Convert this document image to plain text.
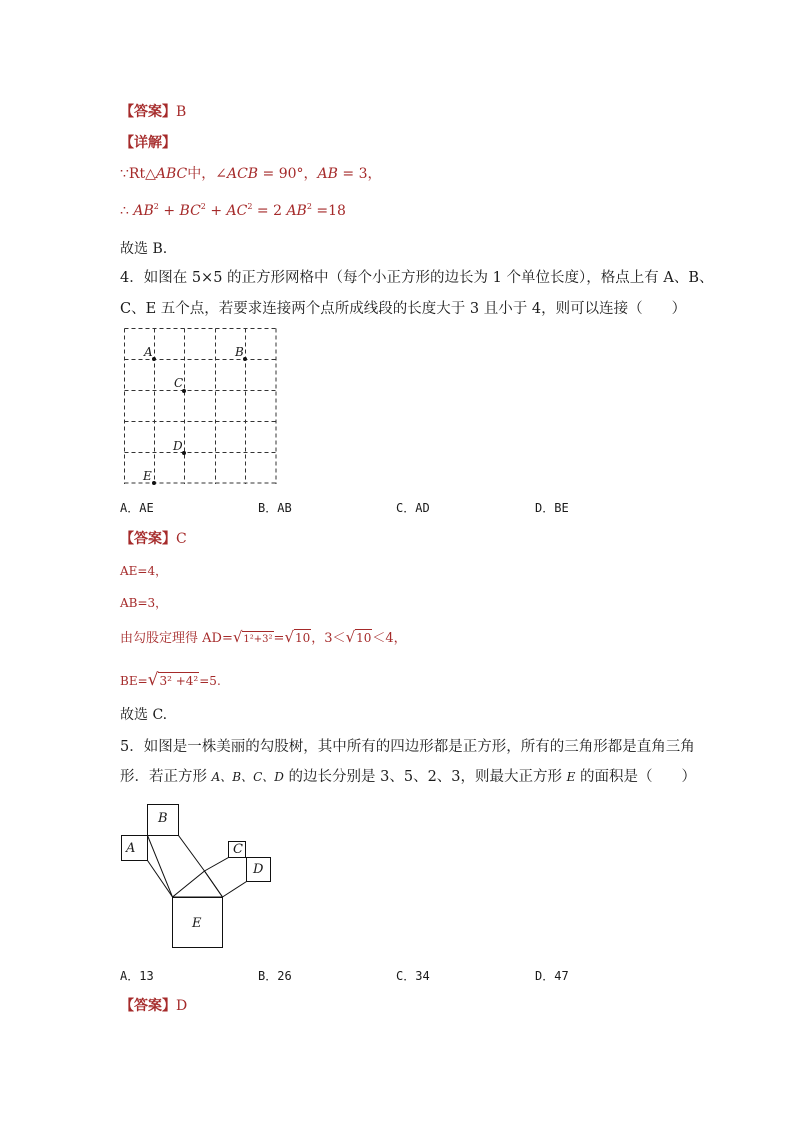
【答案】B
【详解】
∵Rt△ABC中，∠ACB = 90°，AB = 3，
∴ $AB^2 + BC^2 + AC^2 = 2$ $AB^2 =18$
故选 B.
4．如图在 5×5 的正方形网格中（每个小正方形的边长为 1 个单位长度），格点上有 A、B、
C、E 五个点，若要求连接两个点所成线段的长度大于 3 且小于 4，则可以连接（　　）
A	B
C
D
E
A．AE	B．AB	C．AD	D．BE
【答案】C
AE=4，
AB=3，
由勾股定理得 AD=√1²+3²=√10，3＜√10＜4，
BE=√3² +4²=5.
故选 C.
5．如图是一株美丽的勾股树，其中所有的四边形都是正方形，所有的三角形都是直角三角
形．若正方形 A、B、C、D 的边长分别是 3、5、2、3，则最大正方形 E 的面积是（　　）
B
A	C
D
E
A．13	B．26	C．34	D．47
【答案】D
